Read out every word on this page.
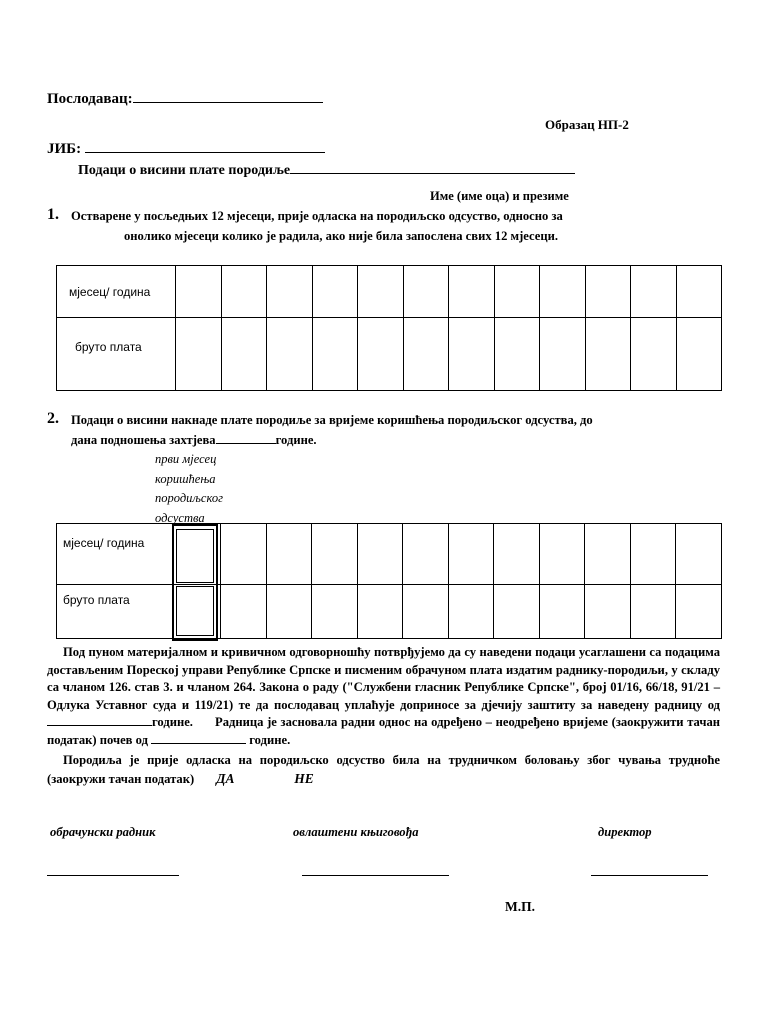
Послодавац:
Образац НП-2
ЈИБ:
Подаци о висини плате породиље
Име (име оца) и презиме
1. Остварене у посљедњих 12 мјесеци, прије одласка на породиљско одсуство, односно за
онолико мјесеци колико је радила, ако није била запослена свих 12 мјесеци.
мјесец/ година												
бруто плата												
2. Подаци о висини накнаде плате породиље за вријеме коришћења породиљског одсуства, до
дана подношења захтјева	године.
први мјесец
коришћења
породиљског
одсуства
мјесец/ година												
бруто плата												

Под пуном материјалном и кривичном одговорношћу потврђујемо да су наведени подаци усаглашени са подацима достављеним Пореској управи Републике Српске и писменим обрачуном плата издатим раднику-породиљи, у складу са чланом 126. став 3. и чланом 264. Закона о раду ("Службени гласник Републике Српске", број 01/16, 66/18, 91/21 – Одлука Уставног суда и 119/21) те да послодавац уплаћује доприносе за дјечију заштиту за наведену радницу од године. Радница је засновала радни однос на одређено – неодређено вријеме (заокружити тачан податак) почев од	године.

Породиља је прије одласка на породиљско одсуство била на трудничком боловању због чувања трудноће (заокружи тачан податак) ДА	НЕ

обрачунски радник	овлаштени књиговођа	директор
М.П.
